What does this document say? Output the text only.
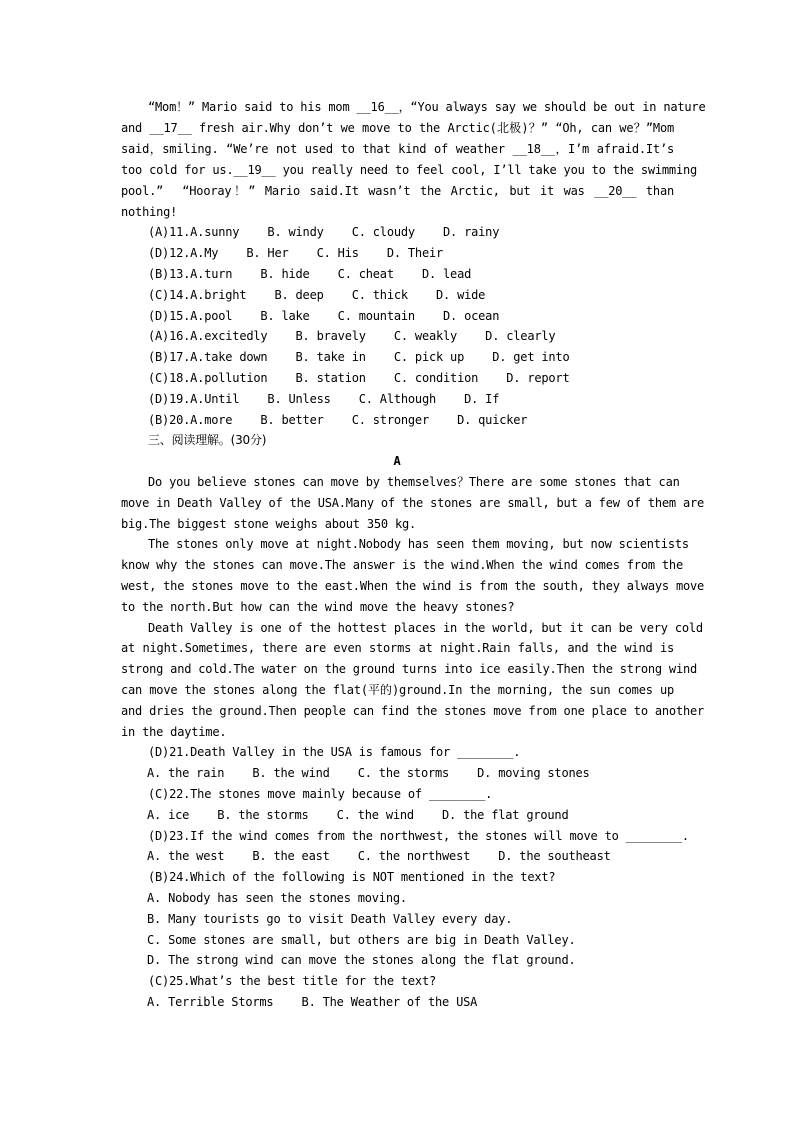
“Mom！” Mario said to his mom __16__，“You always say we should be out in nature
and __17__ fresh air.Why don’t we move to the Arctic(北极)？” “Oh, can we？”Mom
said，smiling. “We’re not used to that kind of weather __18__，I’m afraid.It’s
too cold for us.__19__ you really need to feel cool, I’ll take you to the swimming
pool.”  “Hooray！” Mario said.It wasn’t the Arctic, but it was __20__ than
nothing!
(A)11.A.sunny    B. windy    C. cloudy    D. rainy
(D)12.A.My    B. Her    C. His    D. Their
(B)13.A.turn    B. hide    C. cheat    D. lead
(C)14.A.bright    B. deep    C. thick    D. wide
(D)15.A.pool    B. lake    C. mountain    D. ocean
(A)16.A.excitedly    B. bravely    C. weakly    D. clearly
(B)17.A.take down    B. take in    C. pick up    D. get into
(C)18.A.pollution    B. station    C. condition    D. report
(D)19.A.Until    B. Unless    C. Although    D. If
(B)20.A.more    B. better    C. stronger    D. quicker
三、阅读理解。(30分)
A
Do you believe stones can move by themselves？There are some stones that can
move in Death Valley of the USA.Many of the stones are small, but a few of them are
big.The biggest stone weighs about 350 kg.
The stones only move at night.Nobody has seen them moving, but now scientists
know why the stones can move.The answer is the wind.When the wind comes from the
west, the stones move to the east.When the wind is from the south, they always move
to the north.But how can the wind move the heavy stones?
Death Valley is one of the hottest places in the world, but it can be very cold
at night.Sometimes, there are even storms at night.Rain falls, and the wind is
strong and cold.The water on the ground turns into ice easily.Then the strong wind
can move the stones along the flat(平的)ground.In the morning, the sun comes up
and dries the ground.Then people can find the stones move from one place to another
in the daytime.
(D)21.Death Valley in the USA is famous for ________.
A. the rain    B. the wind    C. the storms    D. moving stones
(C)22.The stones move mainly because of ________.
A. ice    B. the storms    C. the wind    D. the flat ground
(D)23.If the wind comes from the northwest, the stones will move to ________.
A. the west    B. the east    C. the northwest    D. the southeast
(B)24.Which of the following is NOT mentioned in the text?
A. Nobody has seen the stones moving.
B. Many tourists go to visit Death Valley every day.
C. Some stones are small, but others are big in Death Valley.
D. The strong wind can move the stones along the flat ground.
(C)25.What’s the best title for the text?
A. Terrible Storms    B. The Weather of the USA
